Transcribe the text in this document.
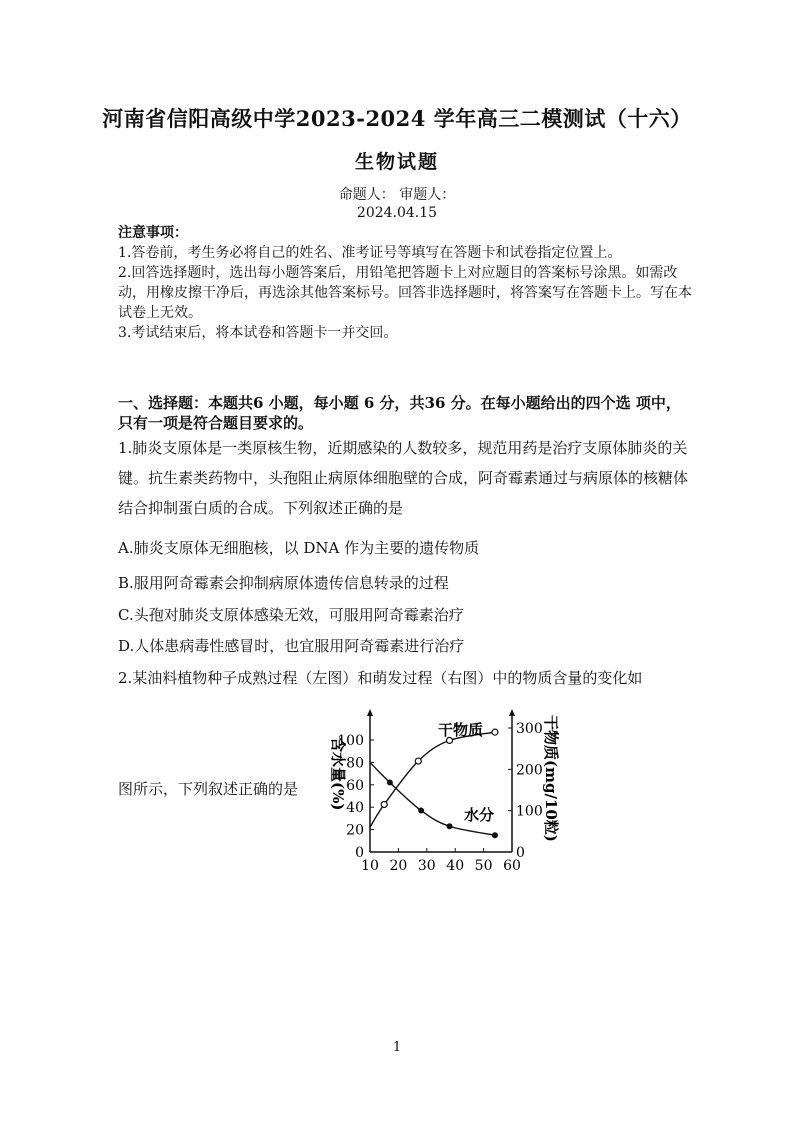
河南省信阳高级中学2023-2024 学年高三二模测试（十六）
生物试题
命题人： 审题人：
2024.04.15

注意事项：

1.答卷前，考生务必将自己的姓名、准考证号等填写在答题卡和试卷指定位置上。

2.回答选择题时，选出每小题答案后，用铅笔把答题卡上对应题目的答案标号涂黑。如需改动，用橡皮擦干净后，再选涂其他答案标号。回答非选择题时，将答案写在答题卡上。写在本试卷上无效。

3.考试结束后，将本试卷和答题卡一并交回。

一、选择题：本题共6 小题，每小题 6 分，共36 分。在每小题给出的四个选 项中，只有一项是符合题目要求的。

1.肺炎支原体是一类原核生物，近期感染的人数较多，规范用药是治疗支原体肺炎的关键。抗生素类药物中，头孢阻止病原体细胞壁的合成，阿奇霉素通过与病原体的核糖体结合抑制蛋白质的合成。下列叙述正确的是

A.肺炎支原体无细胞核，以 DNA 作为主要的遗传物质
B.服用阿奇霉素会抑制病原体遗传信息转录的过程
C.头孢对肺炎支原体感染无效，可服用阿奇霉素治疗
D.人体患病毒性感冒时，也宜服用阿奇霉素进行治疗
2.某油料植物种子成熟过程（左图）和萌发过程（右图）中的物质含量的变化如
图所示，下列叙述正确的是
0
20
40
60
80
100
0
100
200
300
10 20 30 40 50 60
含水量(%)	干物质(mg/10粒)
干物质
水分
1
